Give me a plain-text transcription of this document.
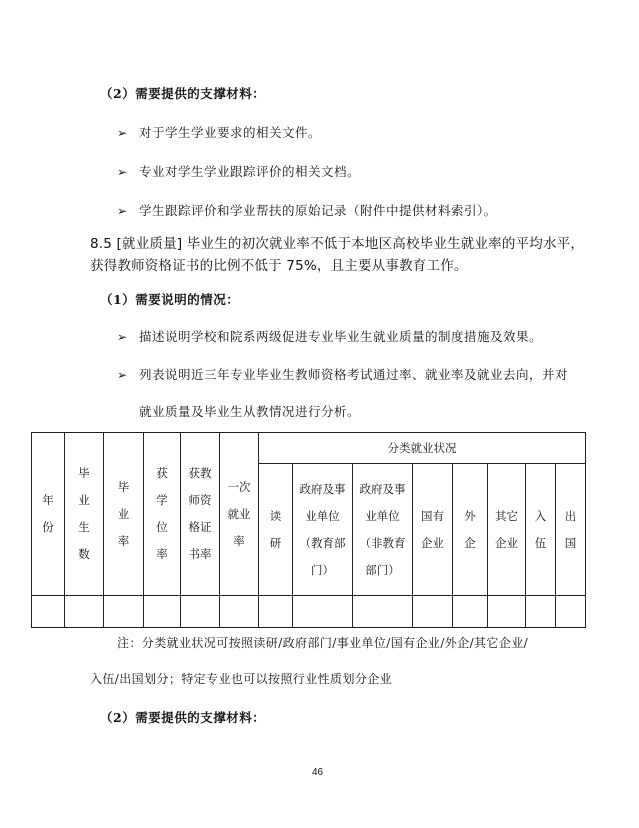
（2）需要提供的支撑材料：
➢ 对于学生学业要求的相关文件。
➢ 专业对学生学业跟踪评价的相关文档。
➢ 学生跟踪评价和学业帮扶的原始记录（附件中提供材料索引）。
8.5 [就业质量] 毕业生的初次就业率不低于本地区高校毕业生就业率的平均水平，
获得教师资格证书的比例不低于 75%，且主要从事教育工作。
（1）需要说明的情况：
➢ 描述说明学校和院系两级促进专业毕业生就业质量的制度措施及效果。
➢ 列表说明近三年专业毕业生教师资格考试通过率、就业率及就业去向，并对
就业质量及毕业生从教情况进行分析。
年份	毕业生数	毕业率	获学位率	获教师资格证书率	一次就业率	分类就业状况							
						读研	政府及事业单位（教育部门）	政府及事业单位（非教育部门）	国有企业	外企	其它企业	入伍	出国

注：分类就业状况可按照读研/政府部门/事业单位/国有企业/外企/其它企业/
入伍/出国划分；特定专业也可以按照行业性质划分企业
（2）需要提供的支撑材料：
46
